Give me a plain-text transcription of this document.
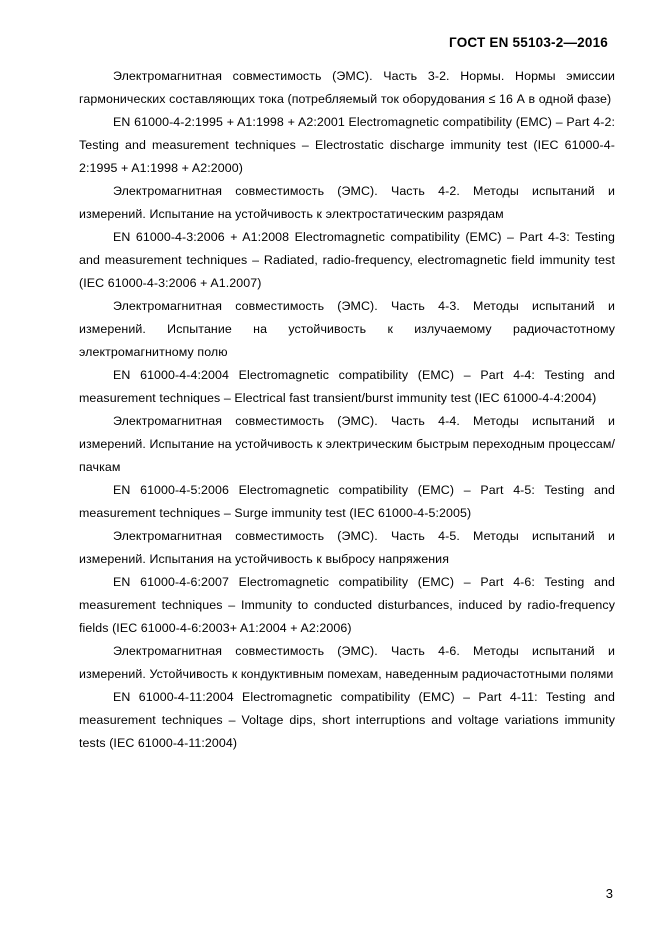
ГОСТ EN 55103-2—2016

Электромагнитная совместимость (ЭМС). Часть 3-2. Нормы. Нормы эмиссии гармонических составляющих тока (потребляемый ток оборудования ≤ 16 А в одной фазе)

EN 61000-4-2:1995 + A1:1998 + A2:2001 Electromagnetic compatibility (EMC) – Part 4-2: Testing and measurement techniques – Electrostatic discharge immunity test (IEC 61000-4-2:1995 + A1:1998 + A2:2000)

Электромагнитная совместимость (ЭМС). Часть 4-2. Методы испытаний и измерений. Испытание на устойчивость к электростатическим разрядам

EN 61000-4-3:2006 + A1:2008 Electromagnetic compatibility (EMC) – Part 4-3: Testing and measurement techniques – Radiated, radio-frequency, electromagnetic field immunity test (IEC 61000-4-3:2006 + A1.2007)

Электромагнитная совместимость (ЭМС). Часть 4-3. Методы испытаний и измерений. Испытание на устойчивость к излучаемому радиочастотному электромагнитному полю

EN 61000-4-4:2004 Electromagnetic compatibility (EMC) – Part 4-4: Testing and measurement techniques – Electrical fast transient/burst immunity test (IEC 61000-4-4:2004)

Электромагнитная совместимость (ЭМС). Часть 4-4. Методы испытаний и измерений. Испытание на устойчивость к электрическим быстрым переходным процессам/пачкам

EN 61000-4-5:2006 Electromagnetic compatibility (EMC) – Part 4-5: Testing and measurement techniques – Surge immunity test (IEC 61000-4-5:2005)

Электромагнитная совместимость (ЭМС). Часть 4-5. Методы испытаний и измерений. Испытания на устойчивость к выбросу напряжения

EN 61000-4-6:2007 Electromagnetic compatibility (EMC) – Part 4-6: Testing and measurement techniques – Immunity to conducted disturbances, induced by radio-frequency fields (IEC 61000-4-6:2003+ A1:2004 + A2:2006)

Электромагнитная совместимость (ЭМС). Часть 4-6. Методы испытаний и измерений. Устойчивость к кондуктивным помехам, наведенным радиочастотными полями

EN 61000-4-11:2004 Electromagnetic compatibility (EMC) – Part 4-11: Testing and measurement techniques – Voltage dips, short interruptions and voltage variations immunity tests (IEC 61000-4-11:2004)

3
